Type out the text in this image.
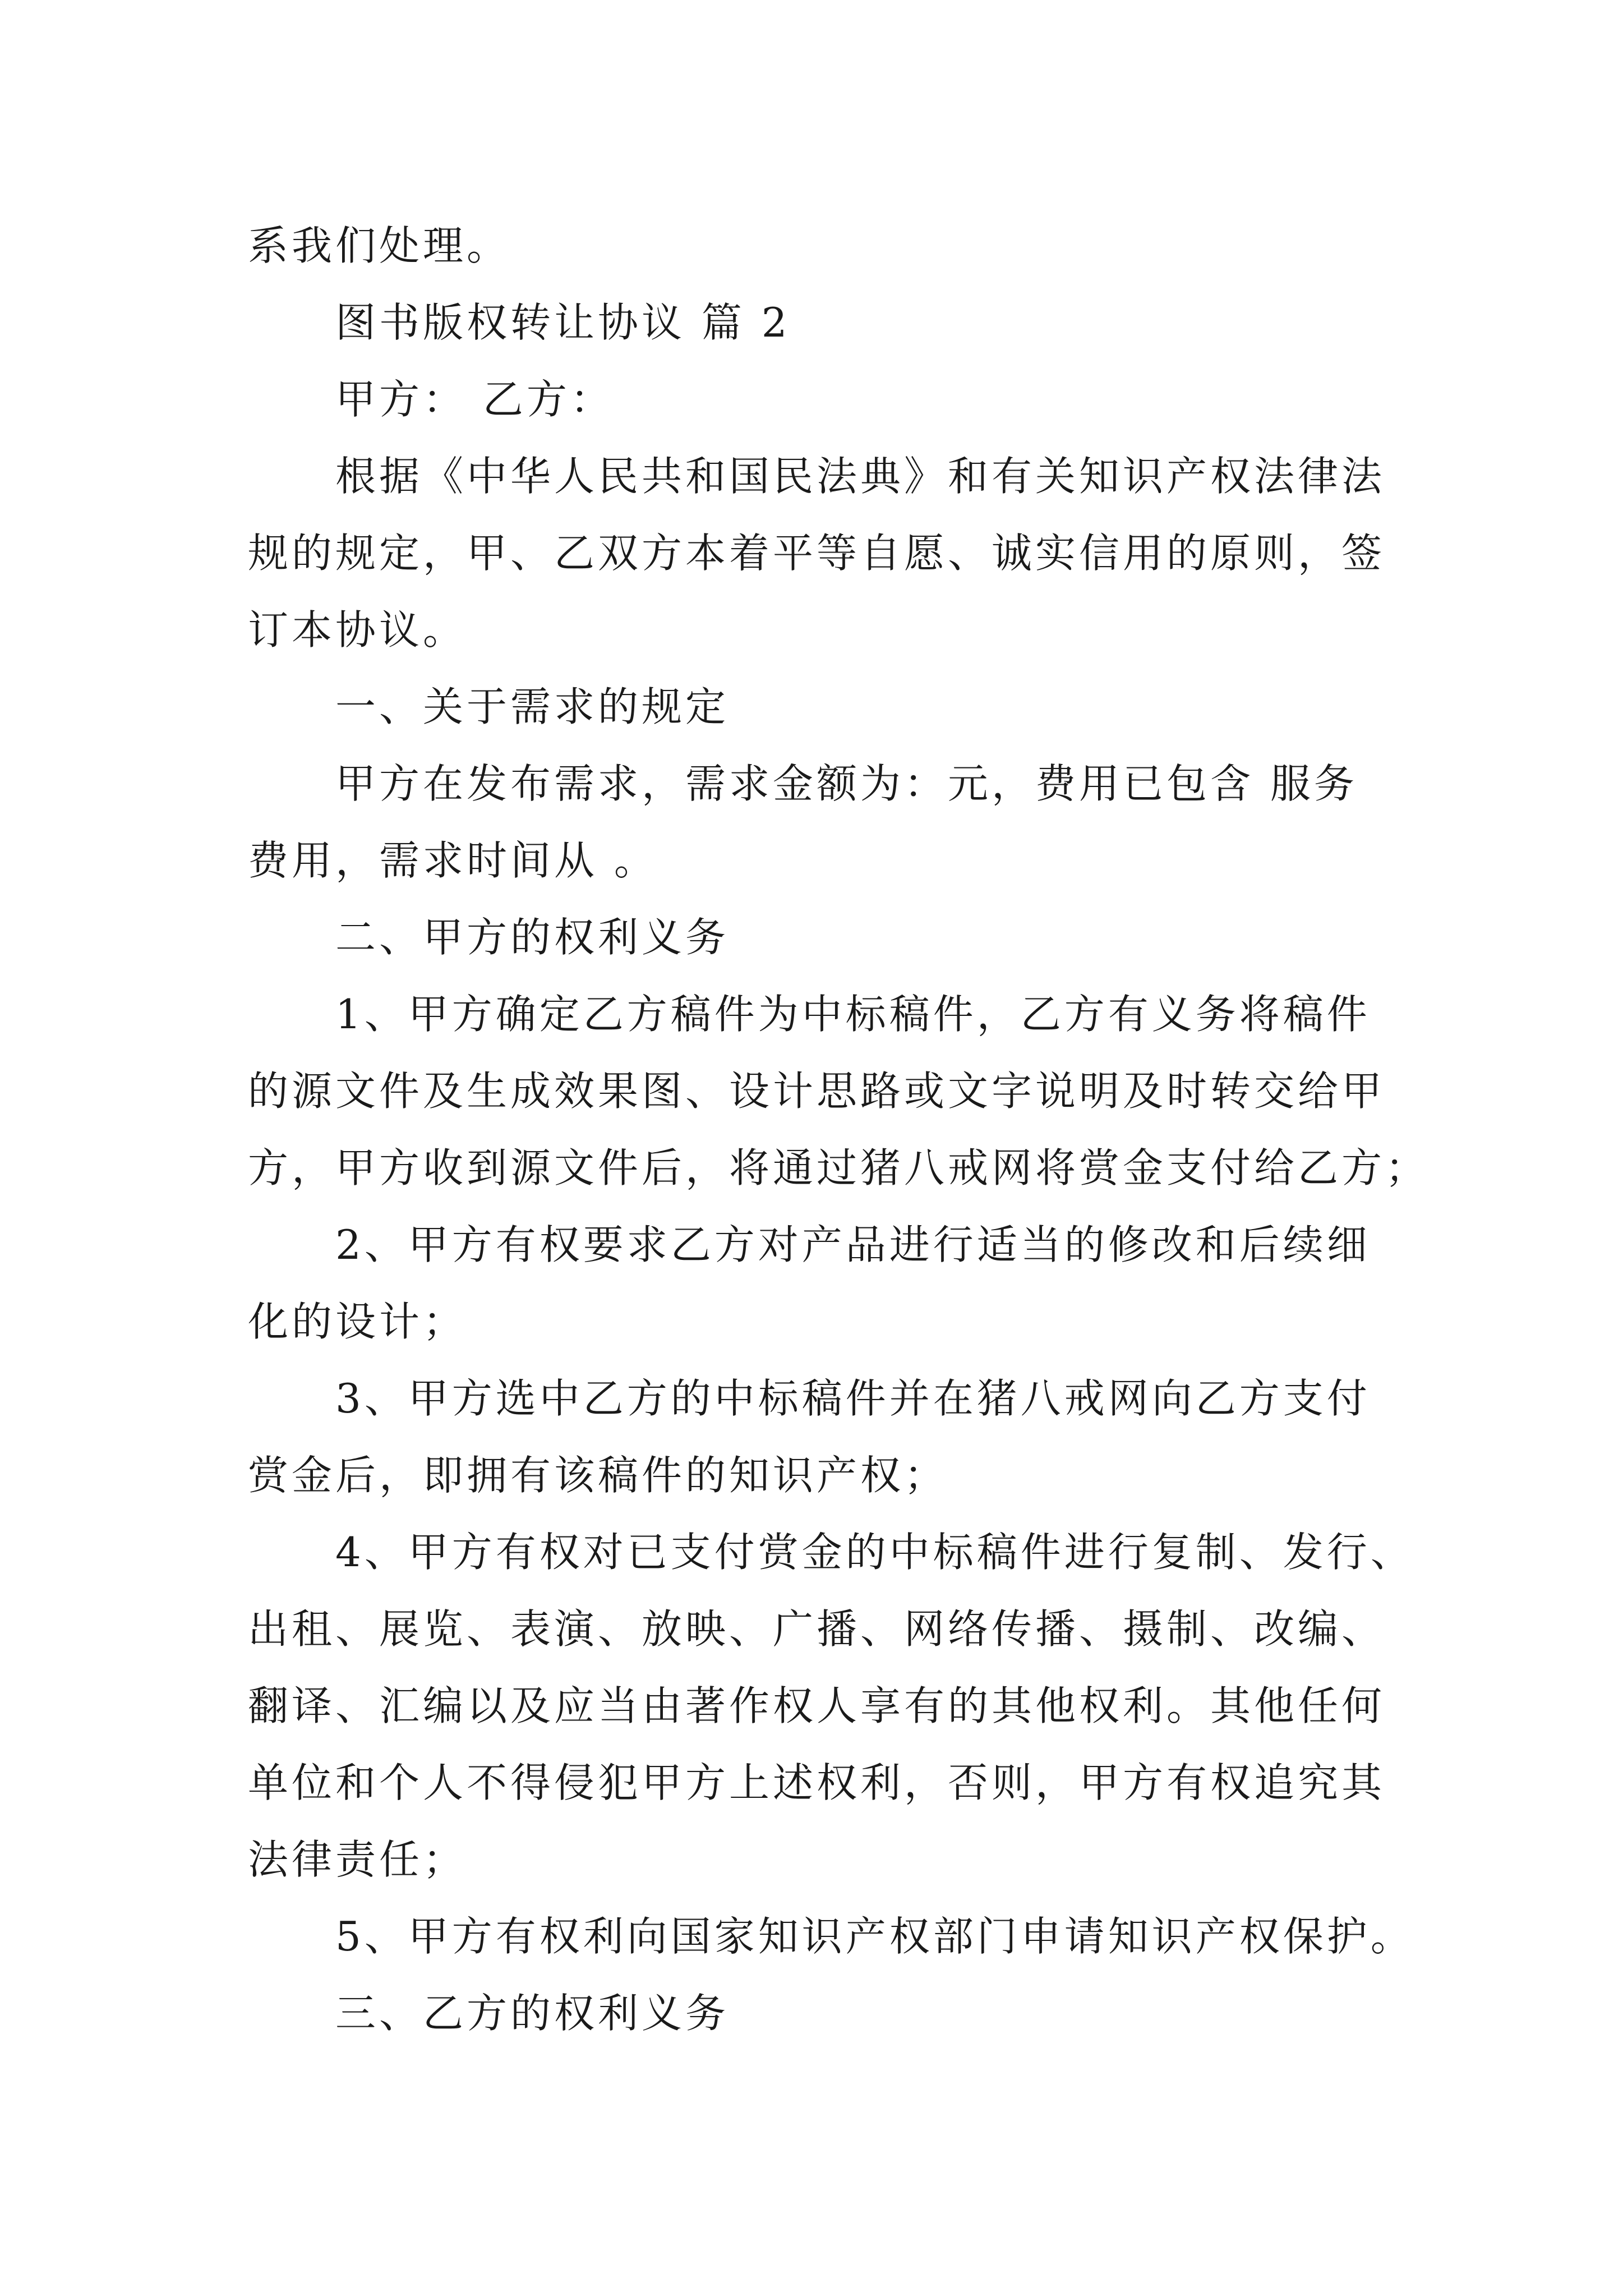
系我们处理。
图书版权转让协议 篇 2
甲方： 乙方：
根据《中华人民共和国民法典》和有关知识产权法律法
规的规定，甲、乙双方本着平等自愿、诚实信用的原则，签
订本协议。
一、关于需求的规定
甲方在发布需求，需求金额为：元，费用已包含 服务
费用，需求时间从 。
二、甲方的权利义务
1、甲方确定乙方稿件为中标稿件，乙方有义务将稿件
的源文件及生成效果图、设计思路或文字说明及时转交给甲
方，甲方收到源文件后，将通过猪八戒网将赏金支付给乙方；
2、甲方有权要求乙方对产品进行适当的修改和后续细
化的设计；
3、甲方选中乙方的中标稿件并在猪八戒网向乙方支付
赏金后，即拥有该稿件的知识产权；
4、甲方有权对已支付赏金的中标稿件进行复制、发行、
出租、展览、表演、放映、广播、网络传播、摄制、改编、
翻译、汇编以及应当由著作权人享有的其他权利。其他任何
单位和个人不得侵犯甲方上述权利，否则，甲方有权追究其
法律责任；
5、甲方有权利向国家知识产权部门申请知识产权保护。
三、乙方的权利义务
